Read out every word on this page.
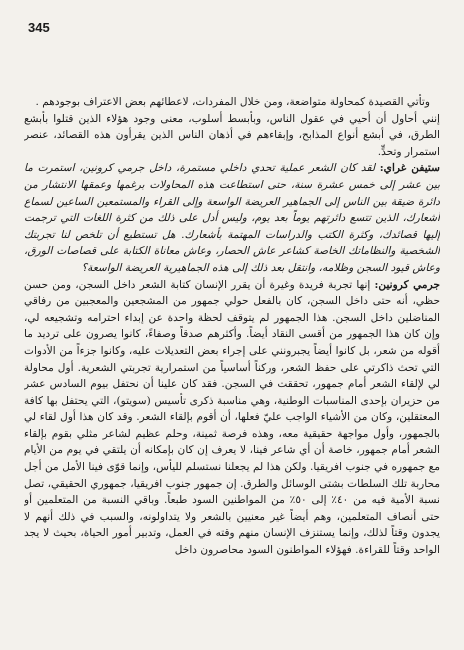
345

وتأتي القصيدة كمحاولة متواضعة، ومن خلال المفردات، لاعطائهم بعض الاعتراف بوجودهم .

إنني أحاول أن أحيي في عقول الناس، وبأبسط أسلوب، معنى وجود هؤلاء الذين قتلوا بأبشع الطرق، في أبشع أنواع المذابح، وإبقاءهم في أذهان الناس الذين يقرأون هذه القصائد، عنصر استمرار وتحدٍّ.

ستيفن غراي: لقد كان الشعر عملية تحدي داخلي مستمرة، داخل جرمي كرونين، استمرت ما بين عشر إلى خمس عشرة سنة، حتى استطاعت هذه المحاولات برغمها وعمقها الانتشار من دائرة ضيقة بين الناس إلى الجماهير العريضة الواسعة وإلى القراء والمستمعين الساعين لسماع أشعارك، الذين تتسع دائرتهم يوماً بعد يوم، وليس أدل على ذلك من كثرة اللغات التي ترجمت إليها قصائدك، وكثرة الكتب والدراسات المهتمة بأشعارك. هل تستطيع أن تلخص لنا تجربتك الشخصية والنظاماتك الخاصة كشاعر عاش الحصار، وعاش معاناة الكتابة على قصاصات الورق، وعاش قيود السجن وظلامه، وانتقل بعد ذلك إلى هذه الجماهيرية العريضة الواسعة؟

جرمي كرونين: إنها تجربة فريدة وغيرة أن يقرر الإنسان كتابة الشعر داخل السجن، ومن حسن حظي، أنه حتى داخل السجن، كان بالفعل حولي جمهور من المشجعين والمعجبين من رفاقي المناضلين داخل السجن. هذا الجمهور لم يتوقف لحظة واحدة عن إبداء احترامه وتشجيعه لي، وإن كان هذا الجمهور من أقسى النقاد أيضاً. وأكثرهم صدقاً وصفاءً، كانوا يصرون على ترديد ما أقوله من شعر، بل كانوا أيضاً يجبرونني على إجراء بعض التعديلات عليه، وكانوا جزءاً من الأدوات التي تحث ذاكرتي على حفظ الشعر، وركناً أساسياً من استمرارية تجربتي الشعرية. أول محاولة لي لإلقاء الشعر أمام جمهور، تحققت في السجن. فقد كان علينا أن نحتفل بيوم السادس عشر من حزيران بإحدى المناسبات الوطنية، وهي مناسبة ذكرى تأسيس (سويتو)، التي يحتفل بها كافة المعتقلين، وكان من الأشياء الواجب عليّ فعلها، أن أقوم بإلقاء الشعر. وقد كان هذا أول لقاء لي بالجمهور، وأول مواجهة حقيقية معه، وهذه فرصة ثمينة، وحلم عظيم لشاعر مثلي بقوم بإلقاء الشعر أمام جمهور، خاصة أن أي شاعر فينا، لا يعرف إن كان بإمكانه أن يلتقي في يوم من الأيام مع جمهوره في جنوب افريقيا. ولكن هذا لم يجعلنا نستسلم لليأس، وإنما قوّى فينا الأمل من أجل محاربة تلك السلطات بشتى الوسائل والطرق. إن جمهور جنوب افريقيا، جمهوري الحقيقي، تصل نسبة الأمية فيه من ٤٠٪ إلى ٥٠٪ من المواطنين السود طبعاً. وباقي النسبة من المتعلمين أو حتى أنصاف المتعلمين، وهم أيضاً غير معنيين بالشعر ولا يتداولونه، والسبب في ذلك أنهم لا يجدون وقتاً لذلك، وإنما يستنزف الإنسان منهم وقته في العمل، وتدبير أمور الحياة، بحيث لا يجد الواحد وقتاً للقراءة. فهؤلاء المواطنون السود محاصرون داخل
